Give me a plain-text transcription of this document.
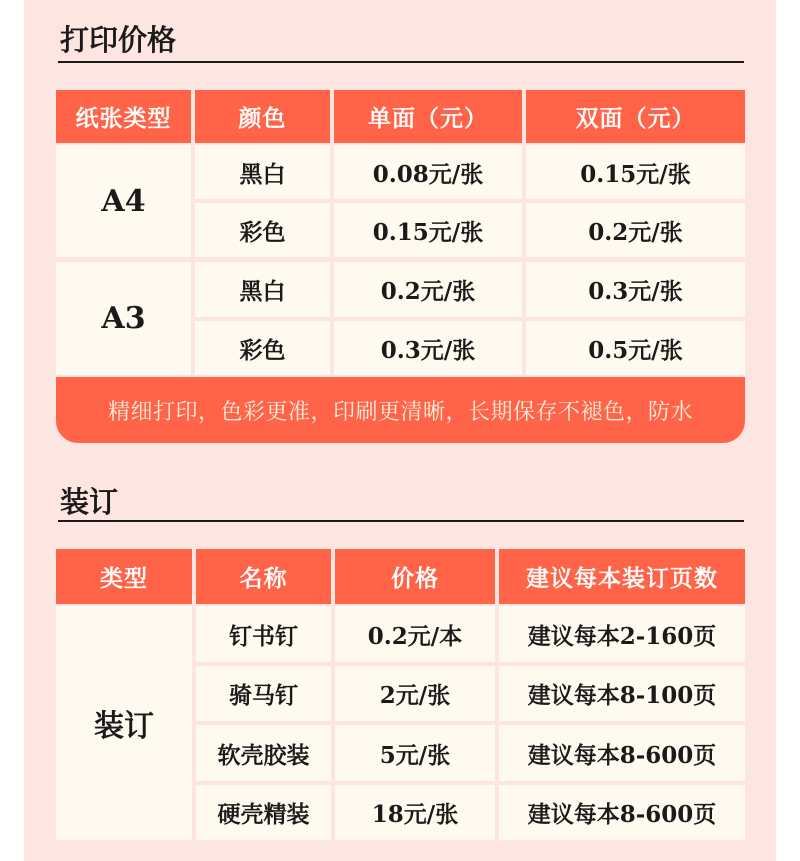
打印价格
纸张类型	颜色	单面（元）	双面（元）
A4
黑白	0.08元/张	0.15元/张
彩色	0.15元/张	0.2元/张
A3
黑白	0.2元/张	0.3元/张
彩色	0.3元/张	0.5元/张
精细打印，色彩更准，印刷更清晰，长期保存不褪色，防水
装订
类型	名称	价格	建议每本装订页数
装订
钉书钉	0.2元/本	建议每本2-160页
骑马钉	2元/张	建议每本8-100页
软壳胶装	5元/张	建议每本8-600页
硬壳精装	18元/张	建议每本8-600页
